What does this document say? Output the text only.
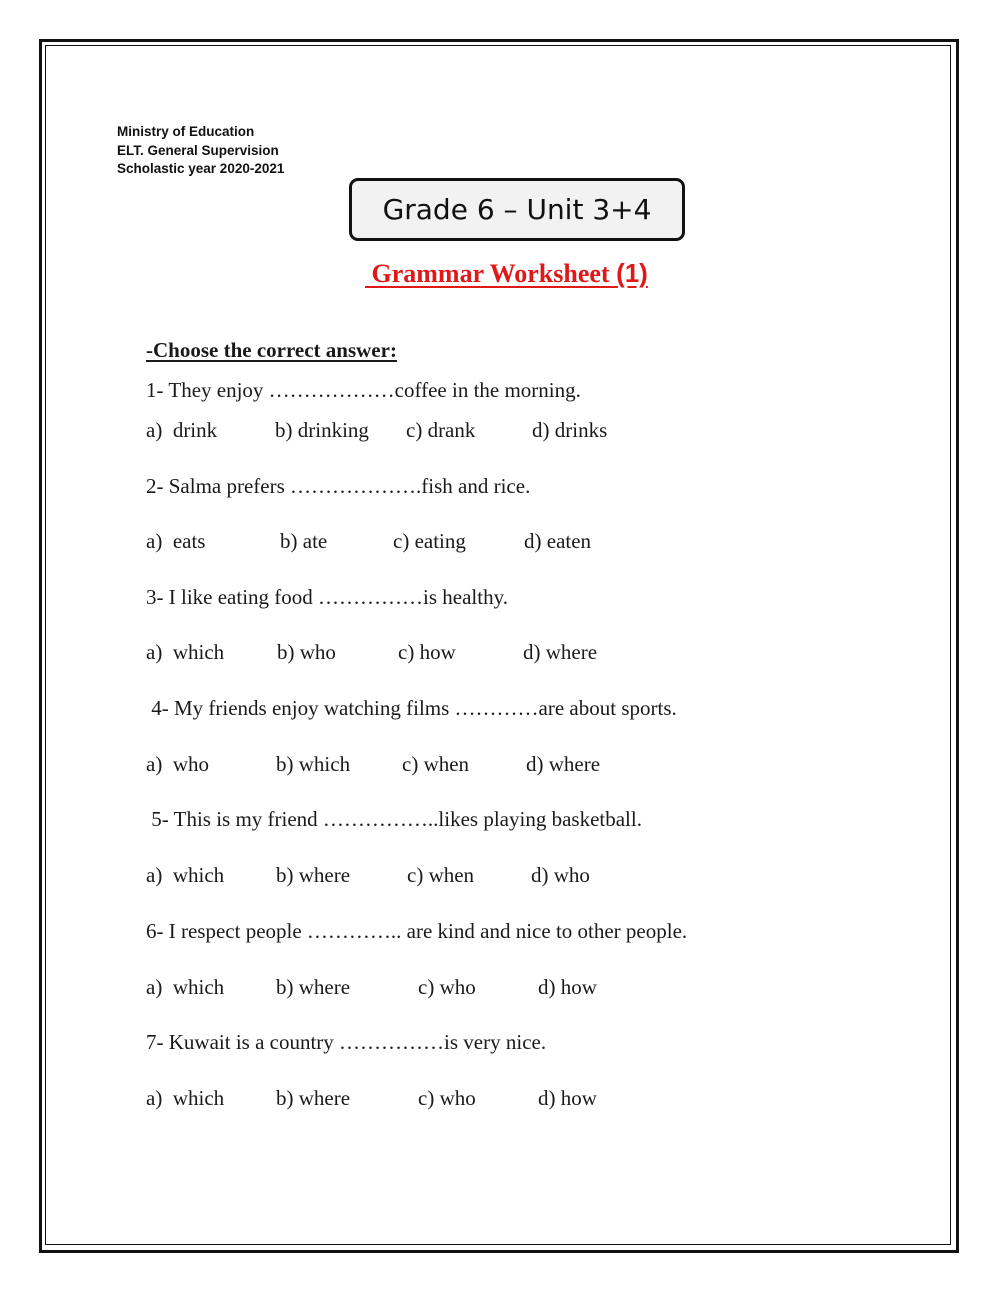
Ministry of Education
ELT. General Supervision
Scholastic year 2020-2021
Grade 6 – Unit 3+4
Grammar Worksheet (1)
-Choose the correct answer:
1- They enjoy ………………coffee in the morning.
a)  drink	b) drinking c) drank	d) drinks
2- Salma prefers ……………….fish and rice.
a)  eats	b) ate	c) eating	d) eaten
3- I like eating food ……………is healthy.
a)  which	b) who	c) how	d) where
4- My friends enjoy watching films …………are about sports.
a)  who	b) which c) when	d) where
5- This is my friend ……………..likes playing basketball.
a)  which b) where	c) when	d) who
6- I respect people ………….. are kind and nice to other people.
a)  which b) where	c) who	d) how
7- Kuwait is a country ……………is very nice.
a)  which b) where	c) who	d) how
